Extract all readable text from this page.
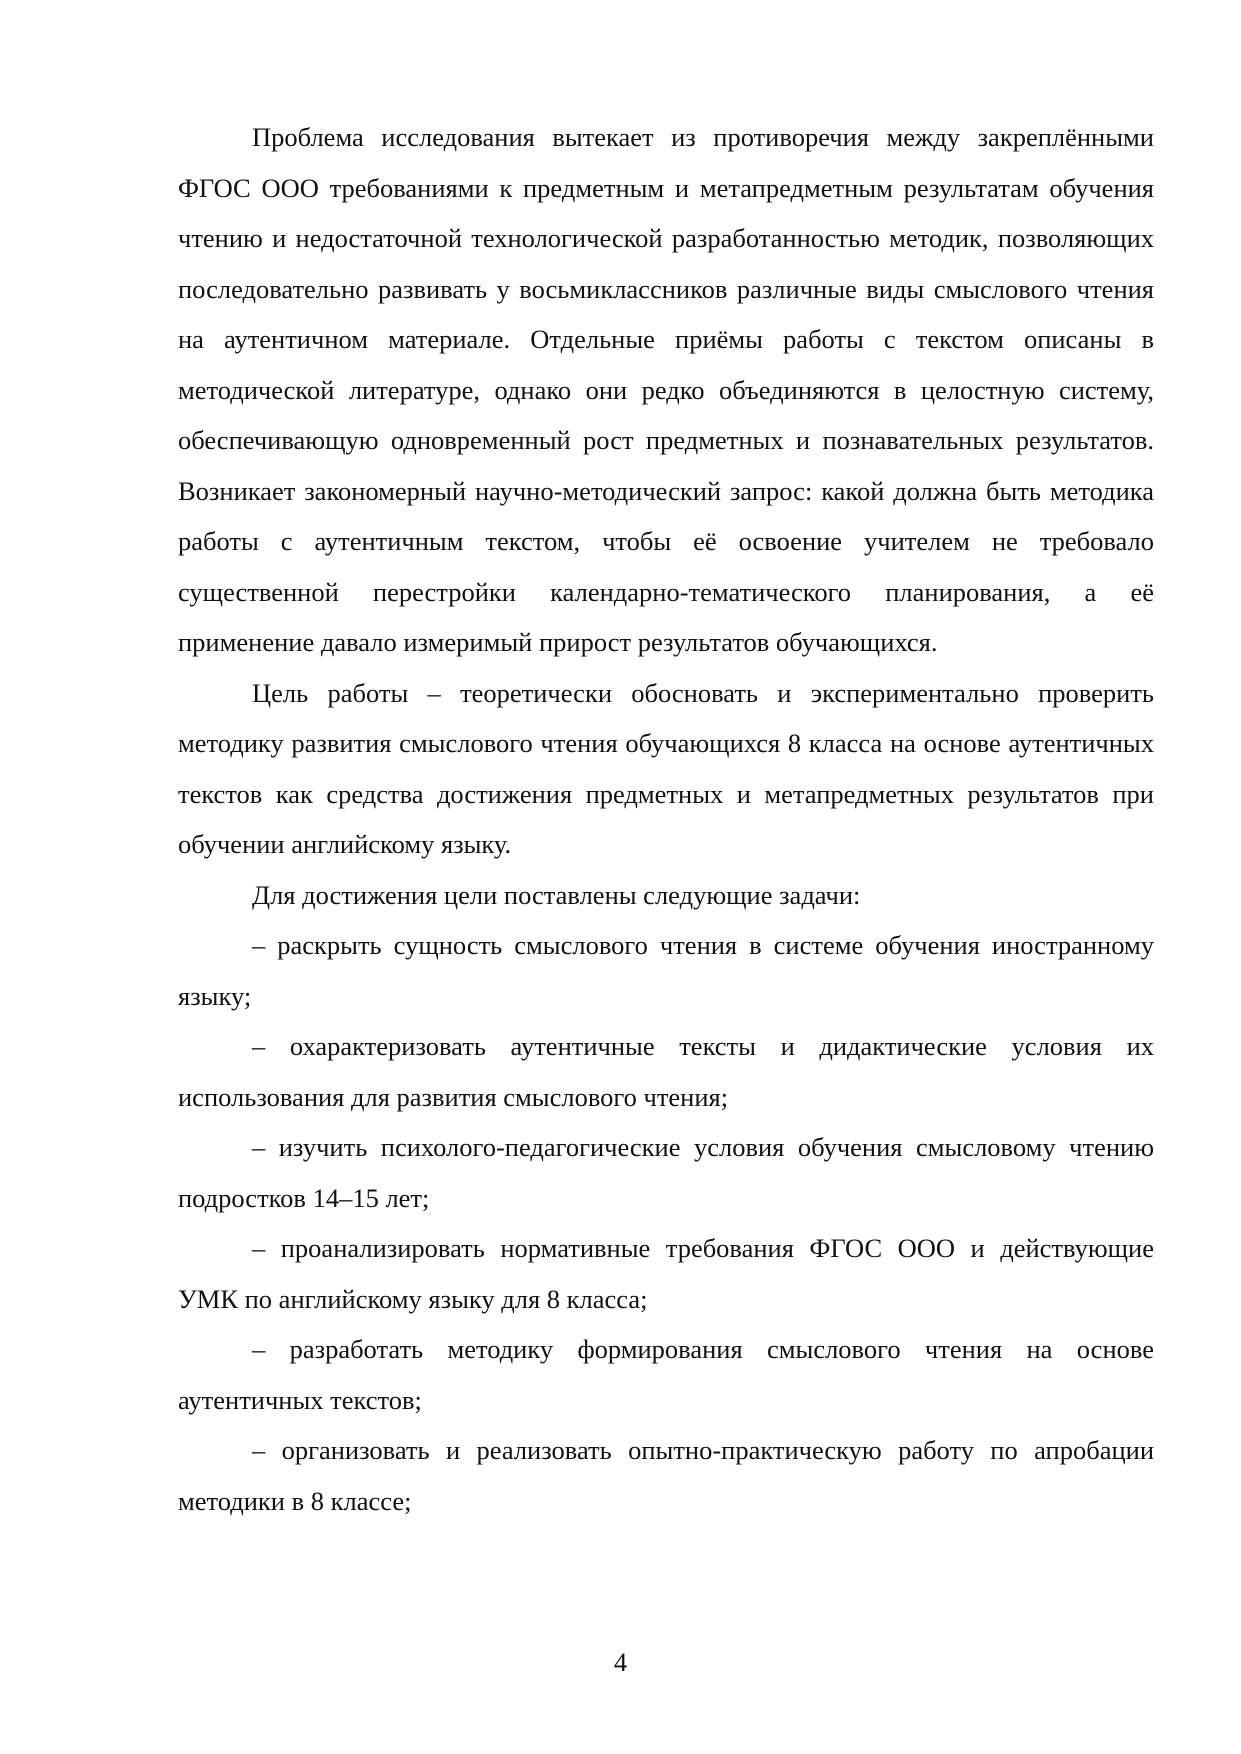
Проблема исследования вытекает из противоречия между закреплёнными ФГОС ООО требованиями к предметным и метапредметным результатам обучения чтению и недостаточной технологической разработанностью методик, позволяющих последовательно развивать у восьмиклассников различные виды смыслового чтения на аутентичном материале. Отдельные приёмы работы с текстом описаны в методической литературе, однако они редко объединяются в целостную систему, обеспечивающую одновременный рост предметных и познавательных результатов. Возникает закономерный научно-методический запрос: какой должна быть методика работы с аутентичным текстом, чтобы её освоение учителем не требовало существенной перестройки календарно-тематического планирования, а её применение давало измеримый прирост результатов обучающихся.

Цель работы – теоретически обосновать и экспериментально проверить методику развития смыслового чтения обучающихся 8 класса на основе аутентичных текстов как средства достижения предметных и метапредметных результатов при обучении английскому языку.

Для достижения цели поставлены следующие задачи:

– раскрыть сущность смыслового чтения в системе обучения иностранному языку;

– охарактеризовать аутентичные тексты и дидактические условия их использования для развития смыслового чтения;

– изучить психолого-педагогические условия обучения смысловому чтению подростков 14–15 лет;

– проанализировать нормативные требования ФГОС ООО и действующие УМК по английскому языку для 8 класса;

– разработать методику формирования смыслового чтения на основе аутентичных текстов;

– организовать и реализовать опытно-практическую работу по апробации методики в 8 классе;

4
